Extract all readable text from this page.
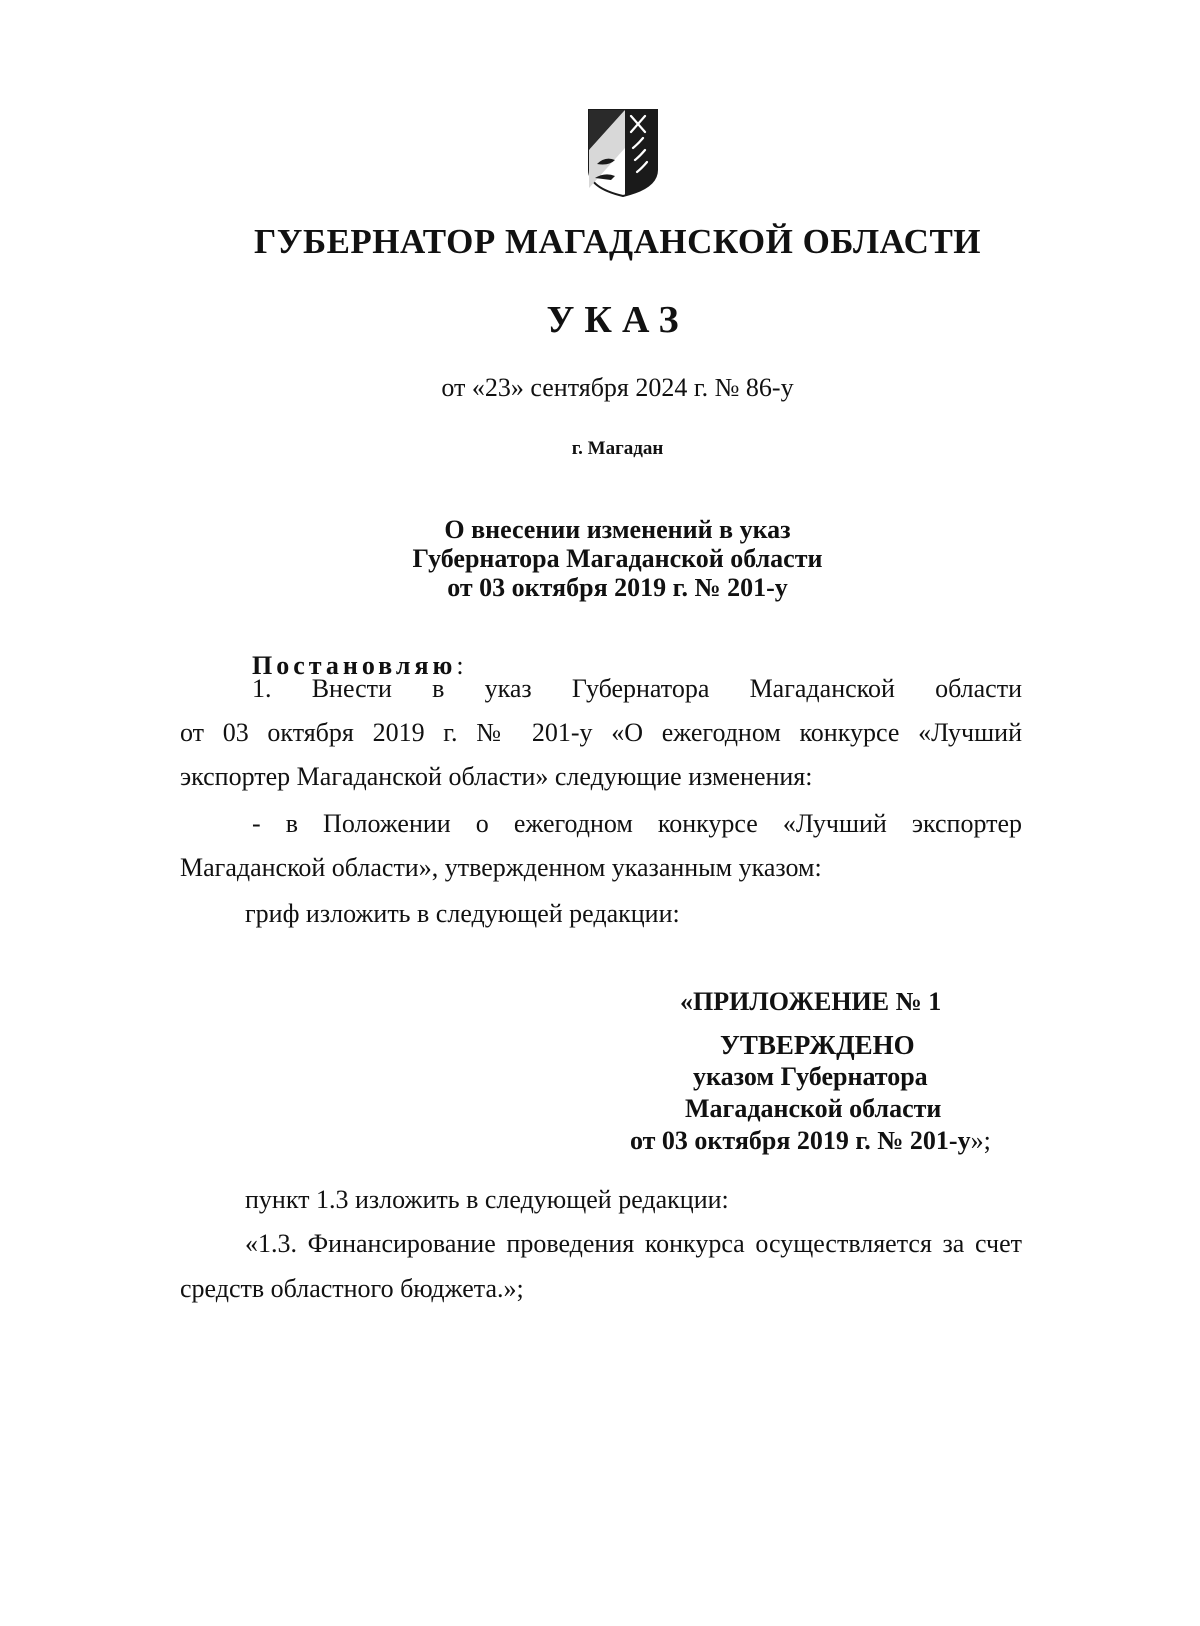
ГУБЕРНАТОР МАГАДАНСКОЙ ОБЛАСТИ
УКАЗ
от «23» сентября 2024 г. № 86-у
г. Магадан
О внесении изменений в указ
Губернатора Магаданской области
от 03 октября 2019 г. № 201-у
Постановляю:
1. Внести в указ Губернатора Магаданской области
от 03 октября 2019 г. № 201-у «О ежегодном конкурсе «Лучший
экспортер Магаданской области» следующие изменения:
- в Положении о ежегодном конкурсе «Лучший экспортер
Магаданской области», утвержденном указанным указом:
гриф изложить в следующей редакции:
«ПРИЛОЖЕНИЕ № 1
УТВЕРЖДЕНО
указом Губернатора
Магаданской области
от 03 октября 2019 г. № 201-у»;
пункт 1.3 изложить в следующей редакции:
«1.3. Финансирование проведения конкурса осуществляется за счет
средств областного бюджета.»;
